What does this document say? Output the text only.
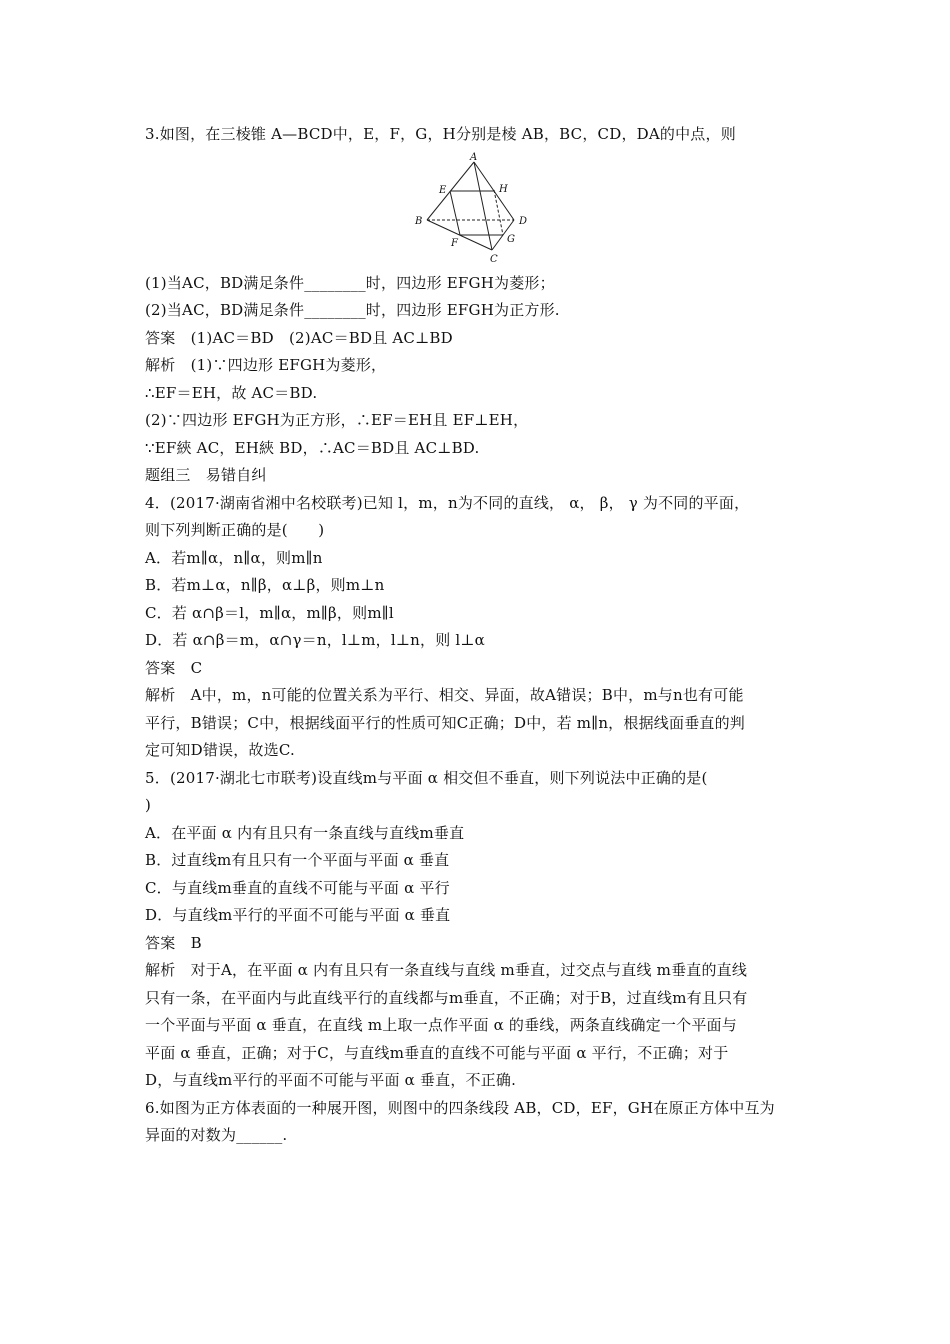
3.如图，在三棱锥 A—BCD中，E，F，G，H分别是棱 AB，BC，CD，DA的中点，则
A
E	H
B	D
F	G
C
(1)当AC，BD满足条件________时，四边形 EFGH为菱形；
(2)当AC，BD满足条件________时，四边形 EFGH为正方形.
答案　(1)AC＝BD　(2)AC＝BD且 AC⊥BD
解析　(1)∵四边形 EFGH为菱形，
∴EF＝EH，故 AC＝BD.
(2)∵四边形 EFGH为正方形，∴EF＝EH且 EF⊥EH，
∵EF綊 AC，EH綊 BD，∴AC＝BD且 AC⊥BD.
题组三　易错自纠
4．(2017·湖南省湘中名校联考)已知 l，m，n为不同的直线， α， β， γ 为不同的平面，
则下列判断正确的是(　　)
A．若m∥α，n∥α，则m∥n
B．若m⊥α，n∥β，α⊥β，则m⊥n
C．若 α∩β＝l，m∥α，m∥β，则m∥l
D．若 α∩β＝m，α∩γ＝n，l⊥m，l⊥n，则 l⊥α
答案　C
解析　A中，m，n可能的位置关系为平行、相交、异面，故A错误；B中，m与n也有可能
平行，B错误；C中，根据线面平行的性质可知C正确；D中，若 m∥n，根据线面垂直的判
定可知D错误，故选C.
5．(2017·湖北七市联考)设直线m与平面 α 相交但不垂直，则下列说法中正确的是(
)
A．在平面 α 内有且只有一条直线与直线m垂直
B．过直线m有且只有一个平面与平面 α 垂直
C．与直线m垂直的直线不可能与平面 α 平行
D．与直线m平行的平面不可能与平面 α 垂直
答案　B
解析　对于A，在平面 α 内有且只有一条直线与直线 m垂直，过交点与直线 m垂直的直线
只有一条，在平面内与此直线平行的直线都与m垂直，不正确；对于B，过直线m有且只有
一个平面与平面 α 垂直，在直线 m上取一点作平面 α 的垂线，两条直线确定一个平面与
平面 α 垂直，正确；对于C，与直线m垂直的直线不可能与平面 α 平行，不正确；对于
D，与直线m平行的平面不可能与平面 α 垂直，不正确.
6.如图为正方体表面的一种展开图，则图中的四条线段 AB，CD，EF，GH在原正方体中互为
异面的对数为______.
